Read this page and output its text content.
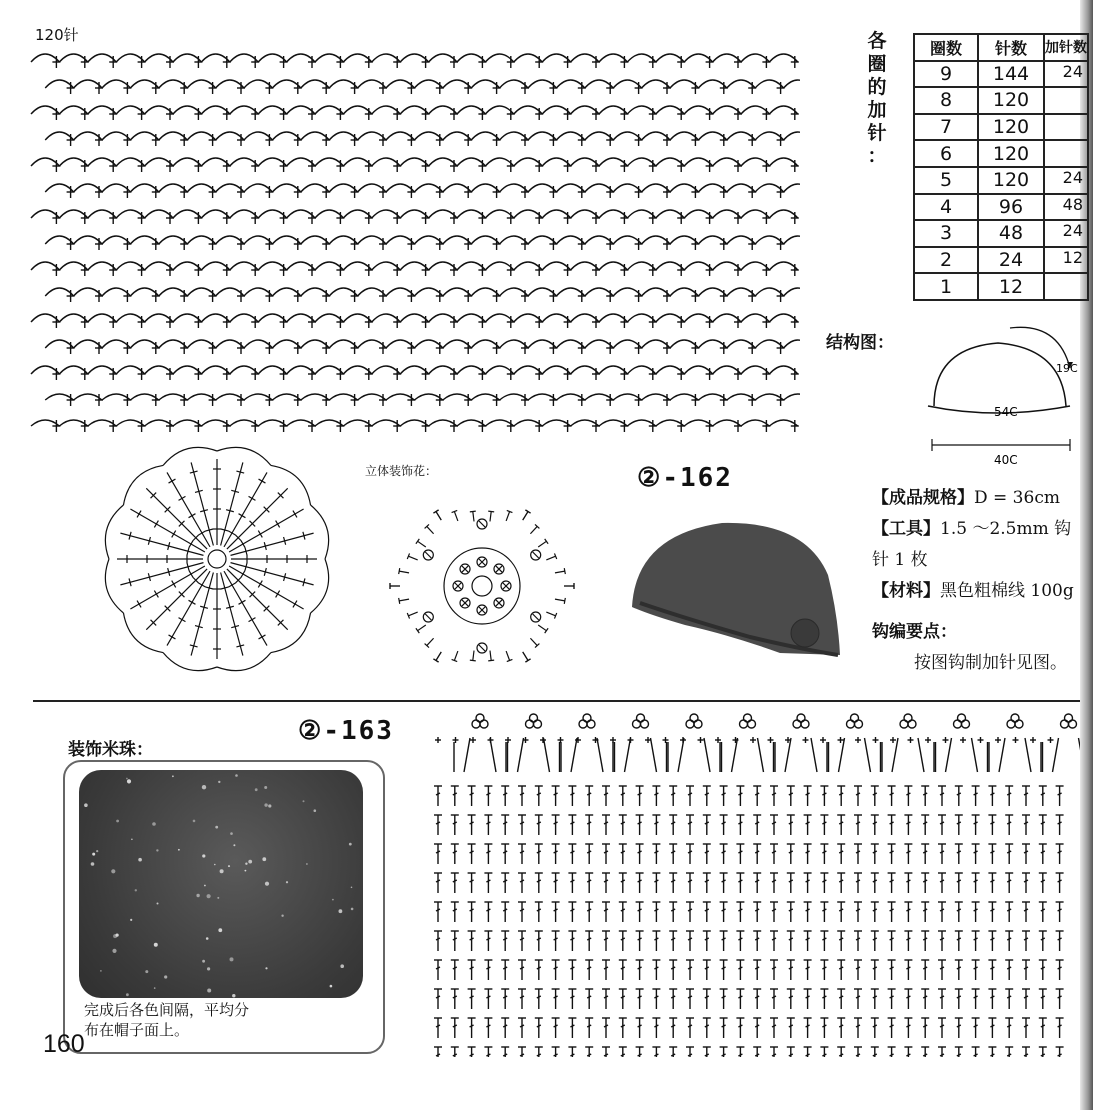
120针	各
圈
的
加
针
：
圈数	针数	加针数
9	144	24
8	120	
7	120	
6	120	
5	120	24
4	96	48
3	48	24
2	24	12
1	12	
结构图：
19C
54C
40C
立体装饰花：	②-162
【成品规格】D = 36cm
【工具】1.5 ～2.5mm 钩针 1 枚
【材料】黑色粗棉线 100g
钩编要点：
按图钩制加针见图。
②-163
装饰米珠：
完成后各色间隔，平均分
布在帽子面上。
160
